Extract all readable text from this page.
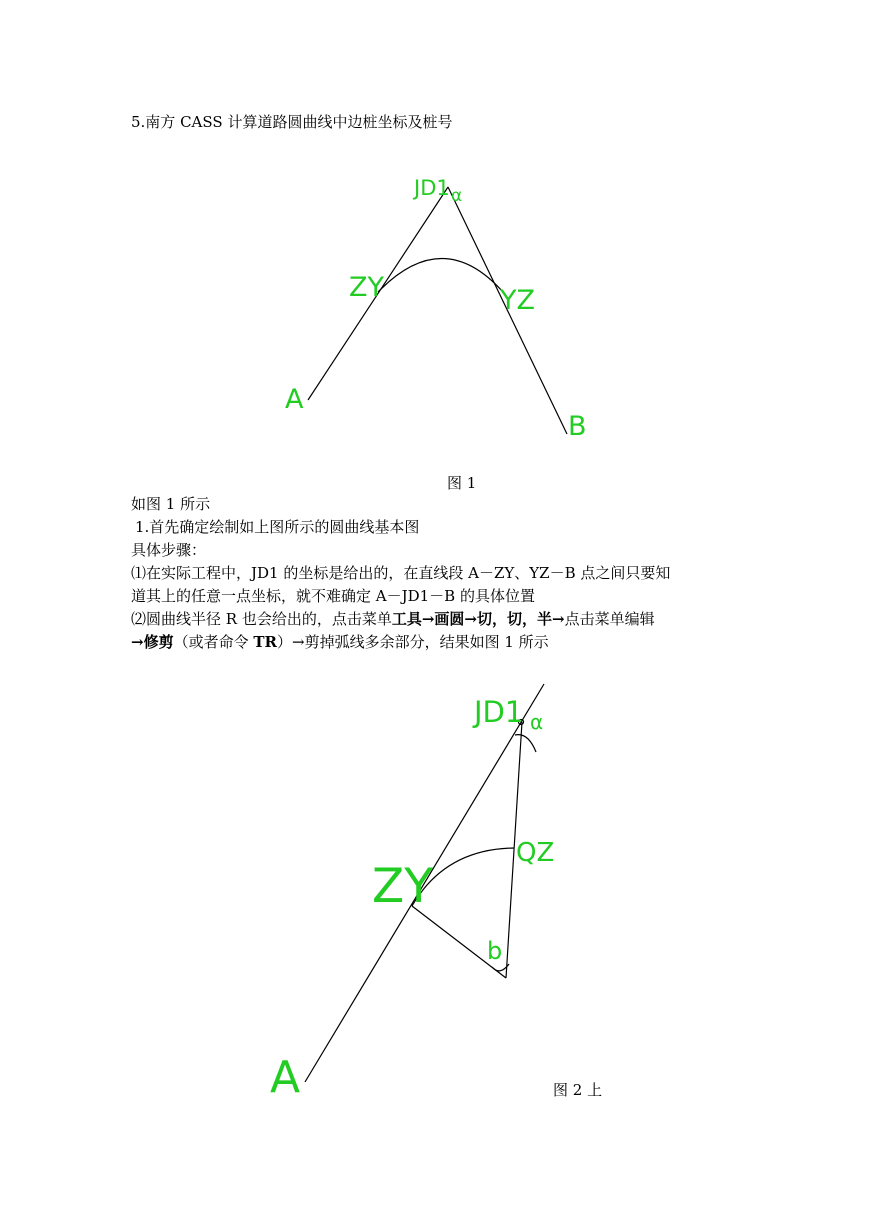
5.南方 CASS 计算道路圆曲线中边桩坐标及桩号
JD1 α
ZY	YZ
A
B
JD1 α
ZY
QZ
b
A
图 1
如图 1 所示
1.首先确定绘制如上图所示的圆曲线基本图
具体步骤：
⑴在实际工程中，JD1 的坐标是给出的，在直线段 A－ZY、YZ－B 点之间只要知
道其上的任意一点坐标，就不难确定 A－JD1－B 的具体位置
⑵圆曲线半径 R 也会给出的，点击菜单工具→画圆→切，切，半→点击菜单编辑
→修剪（或者命令 TR）→剪掉弧线多余部分，结果如图 1 所示
图 2 上
